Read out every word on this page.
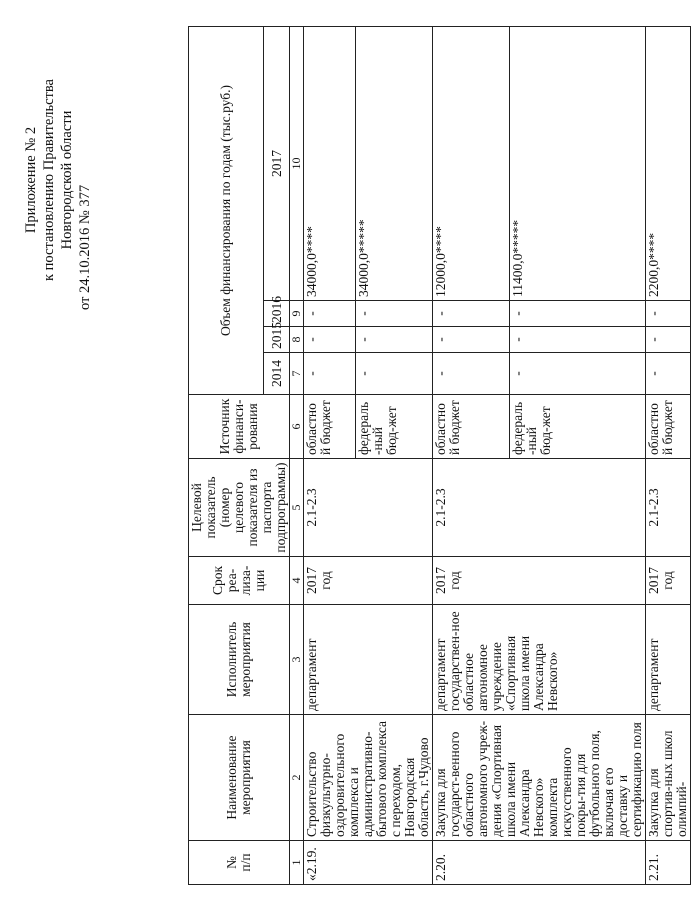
Приложение № 2 к постановлению Правительства Новгородской области от 24.10.2016 № 377
№
п/п	Наименование мероприятия	Исполнитель мероприятия	Срок реа-лиза-ции	Целевой показатель (номер целевого показателя из паспорта подпрограммы)	Источник финанси-рования	Объем финансирования по годам (тыс.руб.)			
						2014	2015	2016	2017
1	2	3	4	5	6	7	8	9	10
«2.19.	Строительство физкультурно-оздоровительного комплекса и административно-бытового комплекса с переходом, Новгородская область, г.Чудово	департамент	2017 год	2.1-2.3	областной бюджет	-	-	-	34000,0****
					федераль-ный бюд-жет	-	-	-	34000,0*****
2.20.	Закупка для государст-венного областного автономного учреж-дения «Спортивная школа имени Александра Невского» комплекта искусственного покры-тия для футбольного поля, включая его доставку и сертификацию поля	департамент государствен-ное областное автономное учреждение «Спортивная школа имени Александра Невского»	2017 год	2.1-2.3	областной бюджет	-	-	-	12000,0****
					федераль-ный бюд-жет	-	-	-	11400,0*****
2.21.	Закупка для спортив-ных школ олимпий-	департамент	2017 год	2.1-2.3	областной бюджет	-	-	-	2200,0****
